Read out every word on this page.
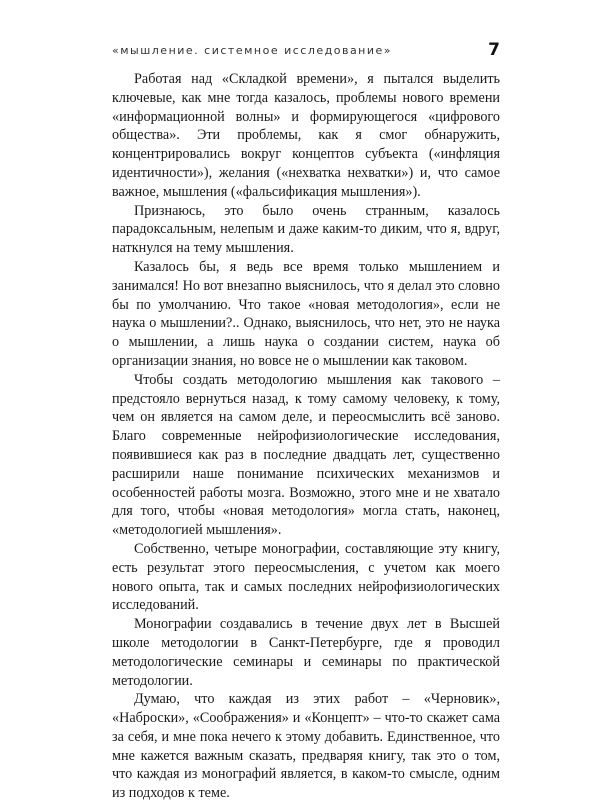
«мышление. системное исследование»	7

Работая над «Складкой времени», я пытался выделить ключевые, как мне тогда казалось, проблемы нового времени «информационной волны» и формирующегося «цифрового общества». Эти проблемы, как я смог обнаружить, концентрировались вокруг концептов субъекта («инфляция идентичности»), желания («нехватка нехватки») и, что самое важное, мышления («фальсификация мышления»).

Признаюсь, это было очень странным, казалось парадоксальным, нелепым и даже каким-то диким, что я, вдруг, наткнулся на тему мышления.

Казалось бы, я ведь все время только мышлением и занимался! Но вот внезапно выяснилось, что я делал это словно бы по умолчанию. Что такое «новая методология», если не наука о мышлении?.. Однако, выяснилось, что нет, это не наука о мышлении, а лишь наука о создании систем, наука об организации знания, но вовсе не о мышлении как таковом.

Чтобы создать методологию мышления как такового – предстояло вернуться назад, к тому самому человеку, к тому, чем он является на самом деле, и переосмыслить всё заново. Благо современные нейрофизиологические исследования, появившиеся как раз в последние двадцать лет, существенно расширили наше понимание психических механизмов и особенностей работы мозга. Возможно, этого мне и не хватало для того, чтобы «новая методология» могла стать, наконец, «методологией мышления».

Собственно, четыре монографии, составляющие эту книгу, есть результат этого переосмысления, с учетом как моего нового опыта, так и самых последних нейрофизиологических исследований.

Монографии создавались в течение двух лет в Высшей школе методологии в Санкт-Петербурге, где я проводил методологические семинары и семинары по практической методологии.

Думаю, что каждая из этих работ – «Черновик», «Наброски», «Соображения» и «Концепт» – что-то скажет сама за себя, и мне пока нечего к этому добавить. Единственное, что мне кажется важным сказать, предваряя книгу, так это о том, что каждая из монографий является, в каком-то смысле, одним из подходов к теме.
